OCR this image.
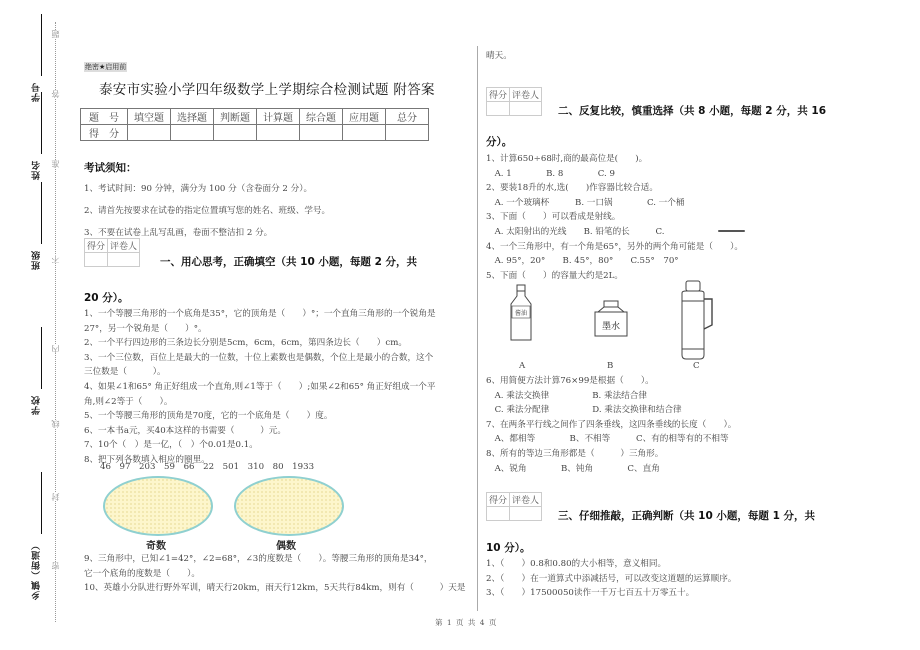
学号
姓名
班级
学校
乡镇（街道）
题
答
准
不
内
线
封
密
绝密★启用前
泰安市实验小学四年级数学上学期综合检测试题 附答案
题　号	填空题	选择题	判断题	计算题	综合题	应用题	总分
得　分							
考试须知：
1、考试时间：90 分钟，满分为 100 分（含卷面分 2 分）。
2、请首先按要求在试卷的指定位置填写您的姓名、班级、学号。
3、不要在试卷上乱写乱画，卷面不整洁扣 2 分。
得分	评卷人

一、用心思考，正确填空（共 10 小题，每题 2 分，共
20 分）。
1、一个等腰三角形的一个底角是35°，它的顶角是（　　）°；一个直角三角形的一个锐角是
27°，另一个锐角是（　　）°。
2、一个平行四边形的三条边长分别是5cm，6cm，6cm，第四条边长（　　）cm。
3、一个三位数，百位上是最大的一位数，十位上素数也是偶数，个位上是最小的合数，这个
三位数是（　　　）。
4、如果∠1和65° 角正好组成一个直角,则∠1等于（　　）;如果∠2和65° 角正好组成一个平
角,则∠2等于（　　）。
5、一个等腰三角形的顶角是70度，它的一个底角是（　　）度。
6、一本书a元，买40本这样的书需要（　　　）元。
7、10个（　）是一亿，（　）个0.01是0.1。
8、把下列各数填入相应的圈里。
46　97　203　59　66　22　501　310　80　1933
奇数	偶数
9、三角形中，已知∠1=42°，∠2=68°，∠3的度数是（　　）。等腰三角形的顶角是34°，
它一个底角的度数是（　　）。
10、英雄小分队进行野外军训，晴天行20km，雨天行12km，5天共行84km，则有（　　　）天是
晴天。
得分	评卷人

二、反复比较，慎重选择（共 8 小题，每题 2 分，共 16
分）。
1、计算650÷68时,商的最高位是(　　)。
　A. 1　　　　B. 8　　　　C. 9
2、要装18升的水,选(　　)作容器比较合适。
　A. 一个玻璃杯　　　B. 一口锅　　　　C. 一个桶
3、下面（　　）可以看成是射线。
　A. 太阳射出的光线　　B. 铅笔的长　　　C.
4、一个三角形中，有一个角是65°，另外的两个角可能是（　　）。
　A. 95°，20°　　B. 45°，80°　　C.55°　70°
5、下面（　　）的容量大约是2L。
酱油
墨水
A	B	C
6、用简便方法计算76×99是根据（　　）。
　A. 乘法交换律　　　　　B. 乘法结合律
　C. 乘法分配律　　　　　D. 乘法交换律和结合律
7、在两条平行线之间作了四条垂线，这四条垂线的长度（　　）。
　A、都相等　　　　B、不相等　　　C、有的相等有的不相等
8、所有的等边三角形都是（　　　）三角形。
　A、锐角　　　　B、钝角　　　　C、直角
得分	评卷人

三、仔细推敲，正确判断（共 10 小题，每题 1 分，共
10 分）。
1、（　　）0.8和0.80的大小相等，意义相同。
2、（　　）在一道算式中添减括号，可以改变这道题的运算顺序。
3、（　　）17500050读作一千万七百五十万零五十。
第 1 页 共 4 页
